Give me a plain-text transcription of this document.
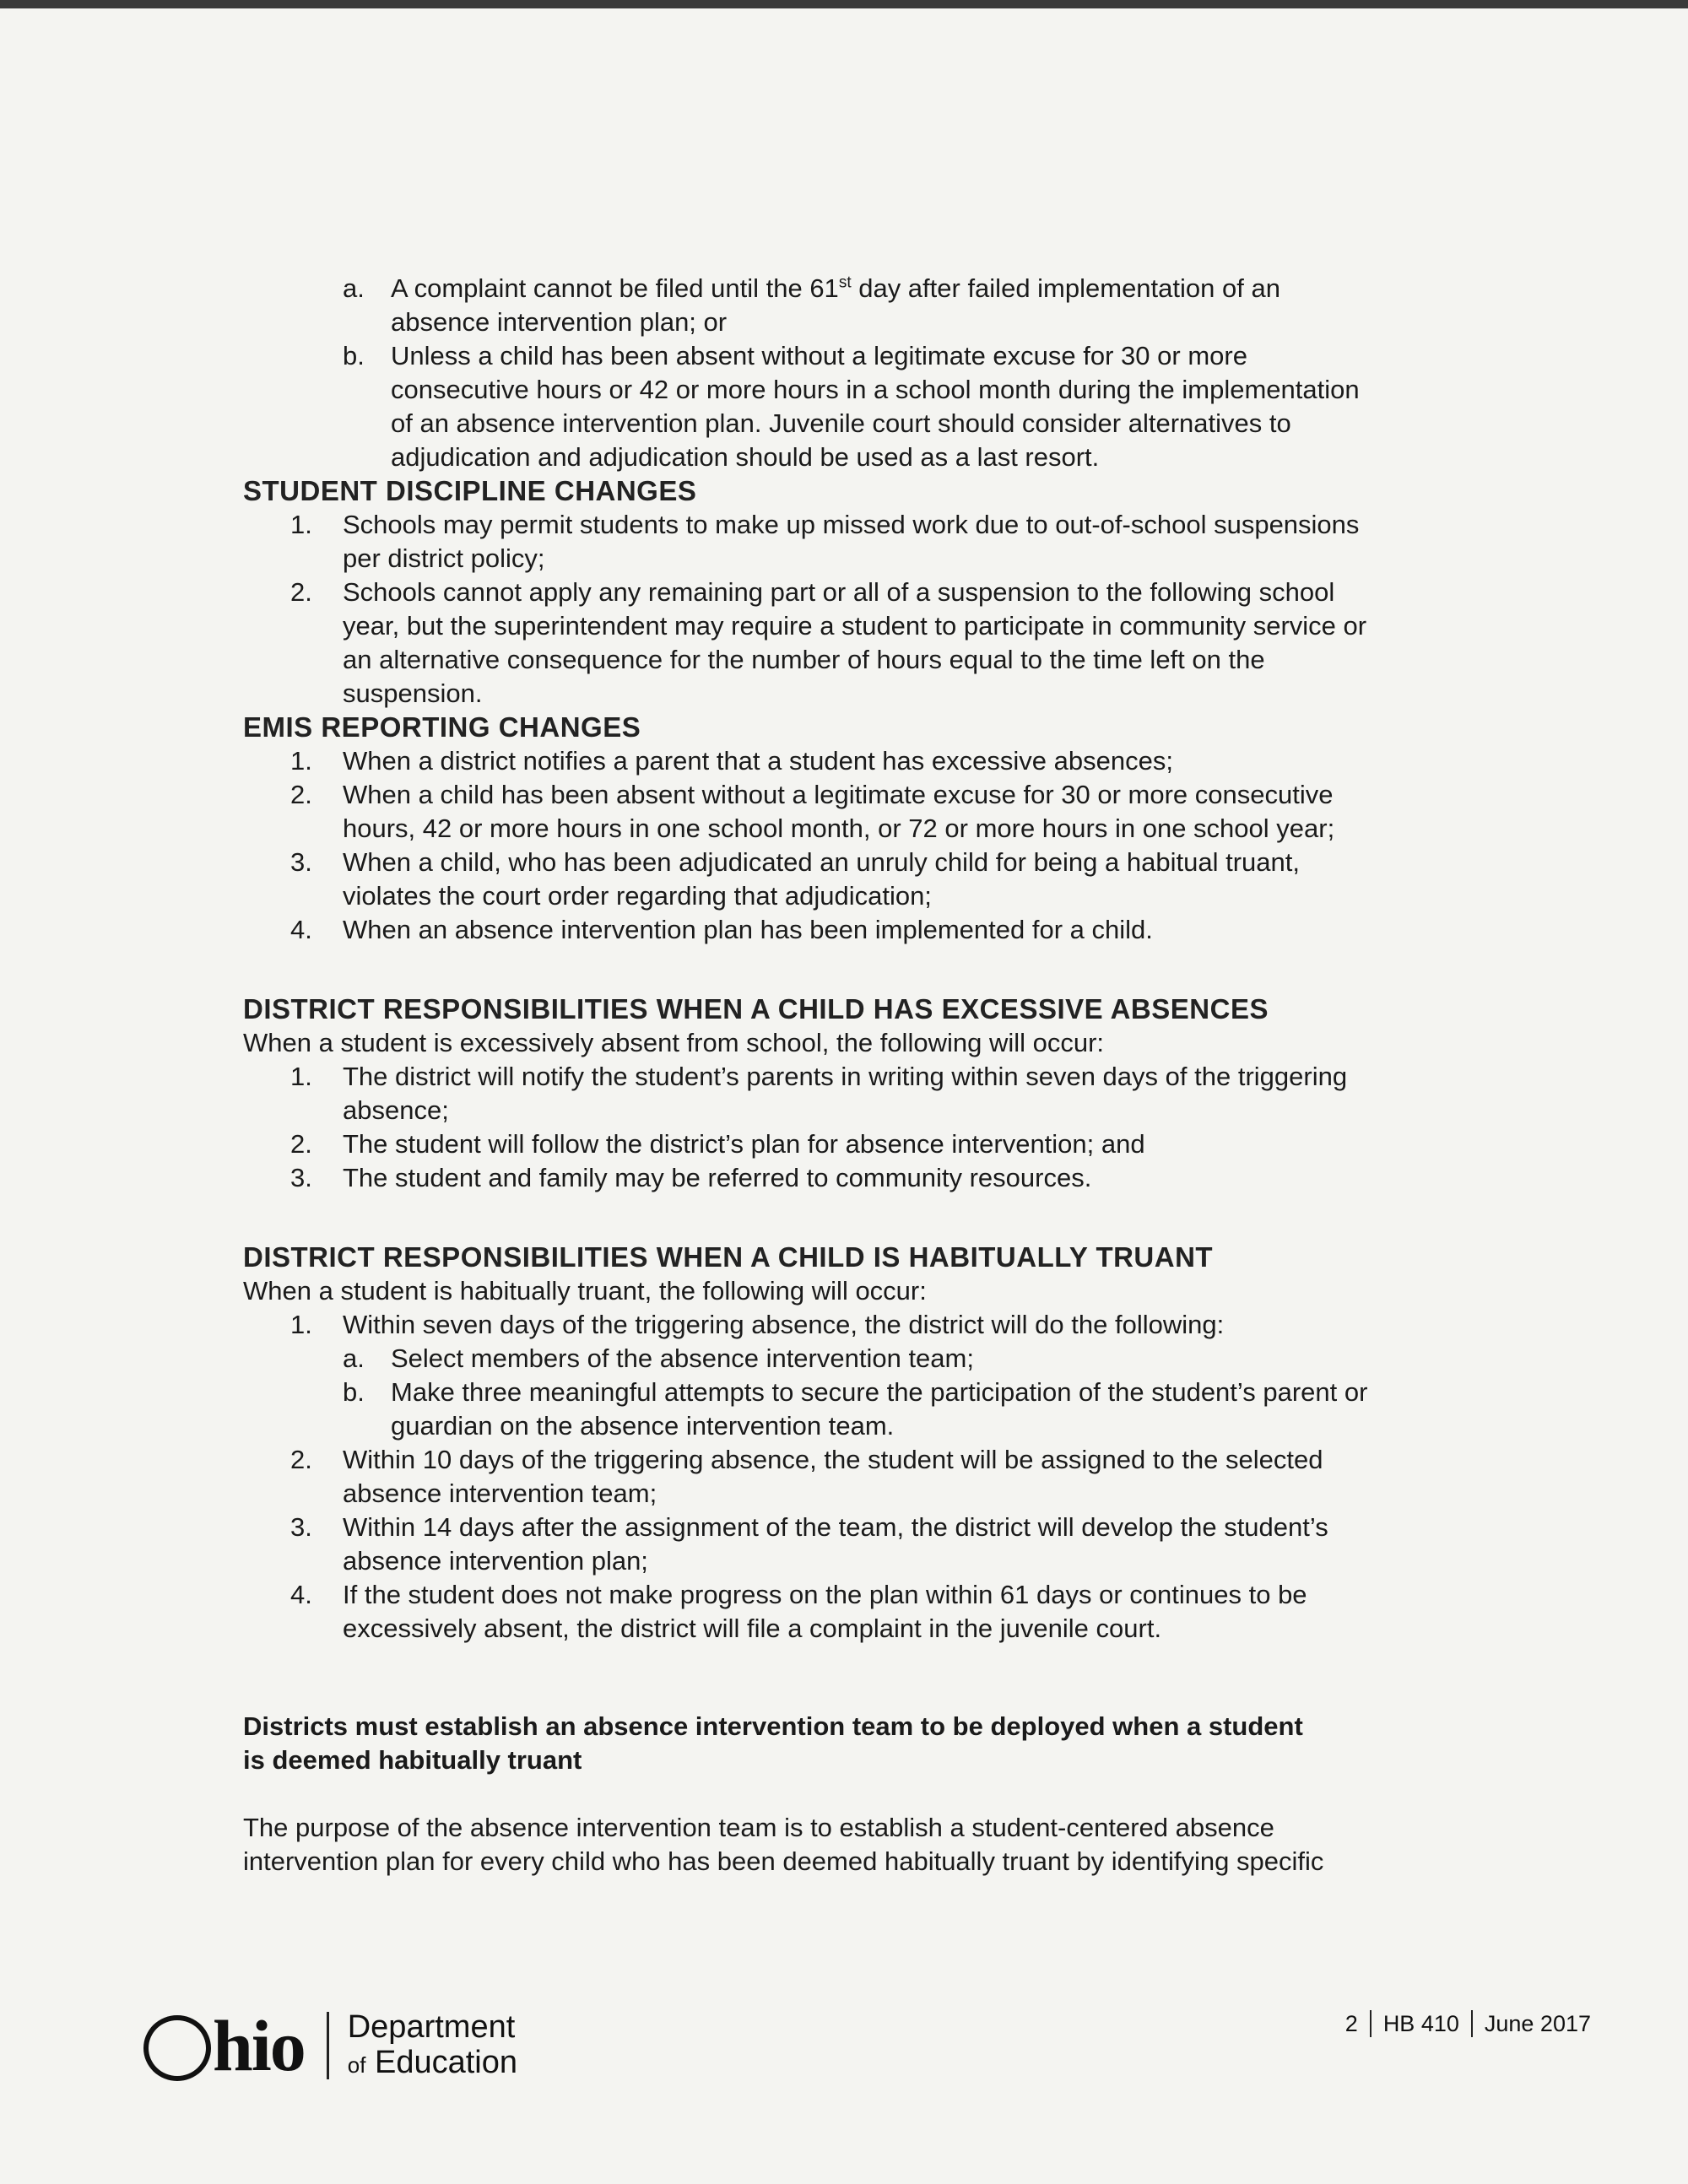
a. A complaint cannot be filed until the 61st day after failed implementation of an
absence intervention plan; or
b. Unless a child has been absent without a legitimate excuse for 30 or more
consecutive hours or 42 or more hours in a school month during the implementation
of an absence intervention plan. Juvenile court should consider alternatives to
adjudication and adjudication should be used as a last resort.
STUDENT DISCIPLINE CHANGES
1. Schools may permit students to make up missed work due to out-of-school suspensions
per district policy;
2. Schools cannot apply any remaining part or all of a suspension to the following school
year, but the superintendent may require a student to participate in community service or
an alternative consequence for the number of hours equal to the time left on the
suspension.
EMIS REPORTING CHANGES
1. When a district notifies a parent that a student has excessive absences;
2. When a child has been absent without a legitimate excuse for 30 or more consecutive
hours, 42 or more hours in one school month, or 72 or more hours in one school year;
3. When a child, who has been adjudicated an unruly child for being a habitual truant,
violates the court order regarding that adjudication;
4. When an absence intervention plan has been implemented for a child.
DISTRICT RESPONSIBILITIES WHEN A CHILD HAS EXCESSIVE ABSENCES
When a student is excessively absent from school, the following will occur:
1. The district will notify the student’s parents in writing within seven days of the triggering
absence;
2. The student will follow the district’s plan for absence intervention; and
3. The student and family may be referred to community resources.
DISTRICT RESPONSIBILITIES WHEN A CHILD IS HABITUALLY TRUANT
When a student is habitually truant, the following will occur:
1. Within seven days of the triggering absence, the district will do the following:
a. Select members of the absence intervention team;
b. Make three meaningful attempts to secure the participation of the student’s parent or
guardian on the absence intervention team.
2. Within 10 days of the triggering absence, the student will be assigned to the selected
absence intervention team;
3. Within 14 days after the assignment of the team, the district will develop the student’s
absence intervention plan;
4. If the student does not make progress on the plan within 61 days or continues to be
excessively absent, the district will file a complaint in the juvenile court.
Districts must establish an absence intervention team to be deployed when a student
is deemed habitually truant
The purpose of the absence intervention team is to establish a student-centered absence
intervention plan for every child who has been deemed habitually truant by identifying specific
hio Department
of Education
2 HB 410 June 2017
